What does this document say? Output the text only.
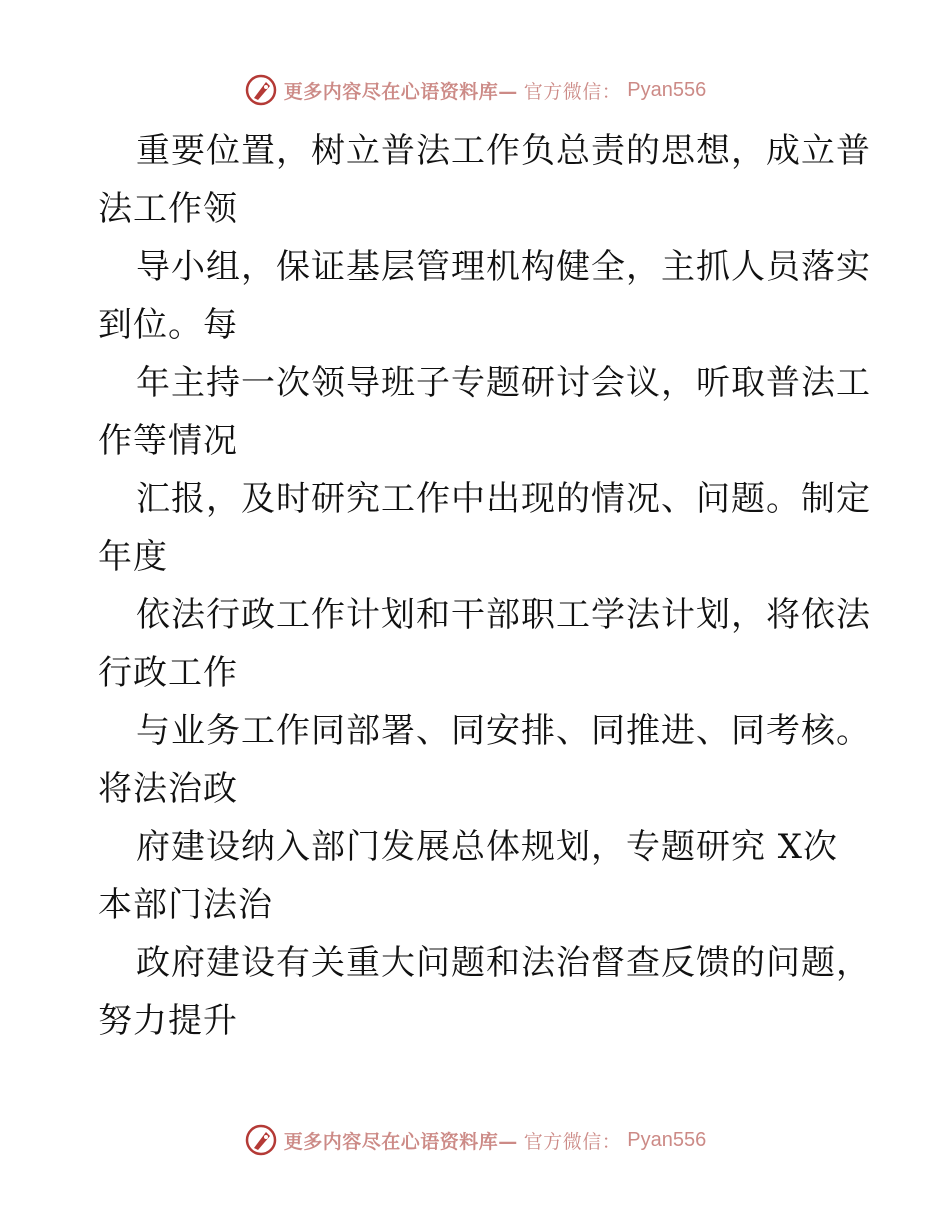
更多内容尽在心语资料库— 官方微信： Pyan556
重要位置，树立普法工作负总责的思想，成立普
法工作领
导小组，保证基层管理机构健全，主抓人员落实
到位。每
年主持一次领导班子专题研讨会议，听取普法工
作等情况
汇报，及时研究工作中出现的情况、问题。制定
年度
依法行政工作计划和干部职工学法计划，将依法
行政工作
与业务工作同部署、同安排、同推进、同考核。
将法治政
府建设纳入部门发展总体规划，专题研究 X次
本部门法治
政府建设有关重大问题和法治督查反馈的问题，
努力提升
更多内容尽在心语资料库— 官方微信： Pyan556
